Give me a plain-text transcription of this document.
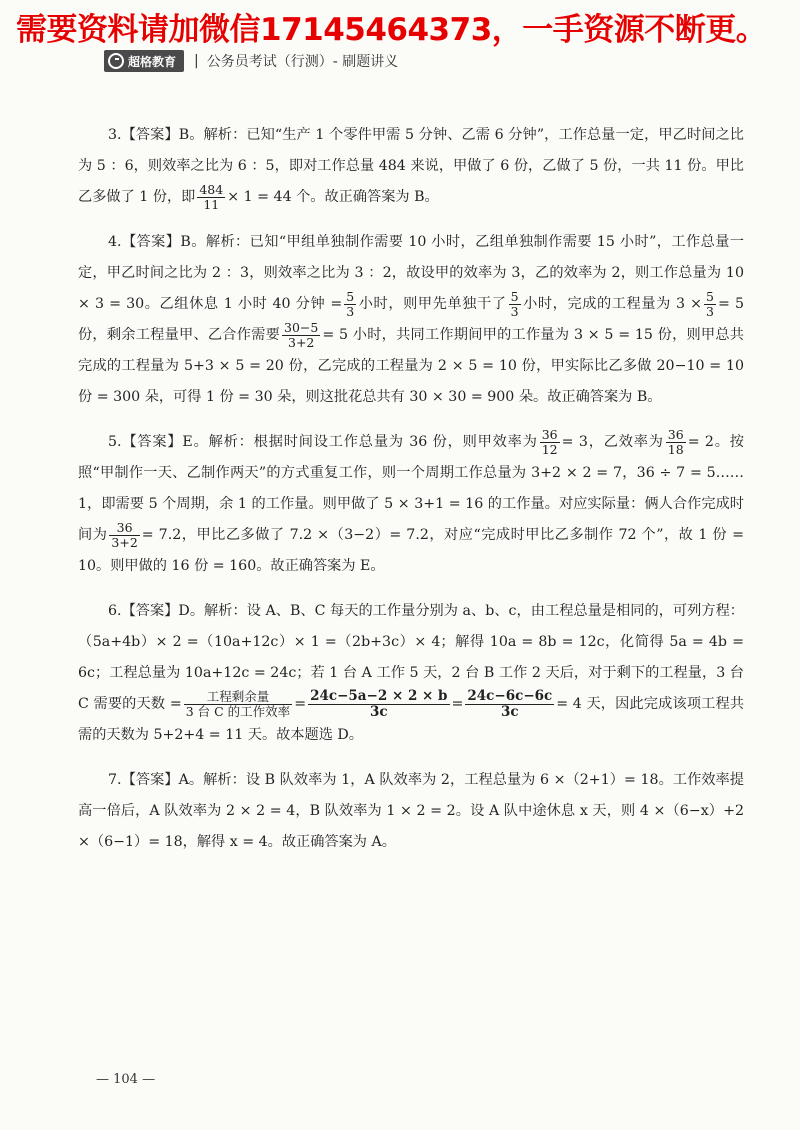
需要资料请加微信17145464373，一手资源不断更。
超格教育 | 公务员考试（行测）- 刷题讲义

3.【答案】B。解析：已知“生产 1 个零件甲需 5 分钟、乙需 6 分钟”，工作总量一定，甲乙时间之比为 5 ：6，则效率之比为 6 ：5，即对工作总量 484 来说，甲做了 6 份，乙做了 5 份，一共 11 份。甲比乙多做了 1 份，即 $\frac{484}{11} \times 1 = 44$ 个。故正确答案为 B。

4.【答案】B。解析：已知“甲组单独制作需要 10 小时，乙组单独制作需要 15 小时”，工作总量一定，甲乙时间之比为 2 ：3，则效率之比为 3 ：2，故设甲的效率为 3，乙的效率为 2，则工作总量为 10 × 3 = 30。乙组休息 1 小时 40 分钟 = $\frac{5}{3}$ 小时，则甲先单独干了 $\frac{5}{3}$ 小时，完成的工程量为 $3 \times \frac{5}{3} = 5$ 份，剩余工程量甲、乙合作需要 $\frac{30-5}{3+2} = 5$ 小时，共同工作期间甲的工作量为 3 × 5 = 15 份，则甲总共完成的工程量为 5+3 × 5 = 20 份，乙完成的工程量为 2 × 5 = 10 份，甲实际比乙多做 20−10 = 10 份 = 300 朵，可得 1 份 = 30 朵，则这批花总共有 30 × 30 = 900 朵。故正确答案为 B。

5.【答案】E。解析：根据时间设工作总量为 36 份，则甲效率为 $\frac{36}{12} = 3$，乙效率为 $\frac{36}{18} = 2$。按照“甲制作一天、乙制作两天”的方式重复工作，则一个周期工作总量为 3+2 × 2 = 7，36 ÷ 7 = 5……1，即需要 5 个周期，余 1 的工作量。则甲做了 5 × 3+1 = 16 的工作量。对应实际量：俩人合作完成时间为 $\frac{36}{3+2} = 7.2$，甲比乙多做了 7.2 ×（3−2）= 7.2，对应“完成时甲比乙多制作 72 个”，故 1 份 = 10。则甲做的 16 份 = 160。故正确答案为 E。

6.【答案】D。解析：设 A、B、C 每天的工作量分别为 a、b、c，由工程总量是相同的，可列方程：（5a+4b）× 2 =（10a+12c）× 1 =（2b+3c）× 4；解得 10a = 8b = 12c，化简得 5a = 4b = 6c；工程总量为 10a+12c = 24c；若 1 台 A 工作 5 天，2 台 B 工作 2 天后，对于剩下的工程量，3 台 C 需要的天数 = $\frac{\text{工程剩余量}}{\text{3 台 C 的工作效率}} = \frac{24c-5a-2 \times 2 \times b}{3c} = \frac{24c-6c-6c}{3c} = 4$ 天，因此完成该项工程共需的天数为 5+2+4 = 11 天。故本题选 D。

7.【答案】A。解析：设 B 队效率为 1，A 队效率为 2，工程总量为 6 ×（2+1）= 18。工作效率提高一倍后，A 队效率为 2 × 2 = 4，B 队效率为 1 × 2 = 2。设 A 队中途休息 x 天，则 4 ×（6−x）+2 ×（6−1）= 18，解得 x = 4。故正确答案为 A。

— 104 —
